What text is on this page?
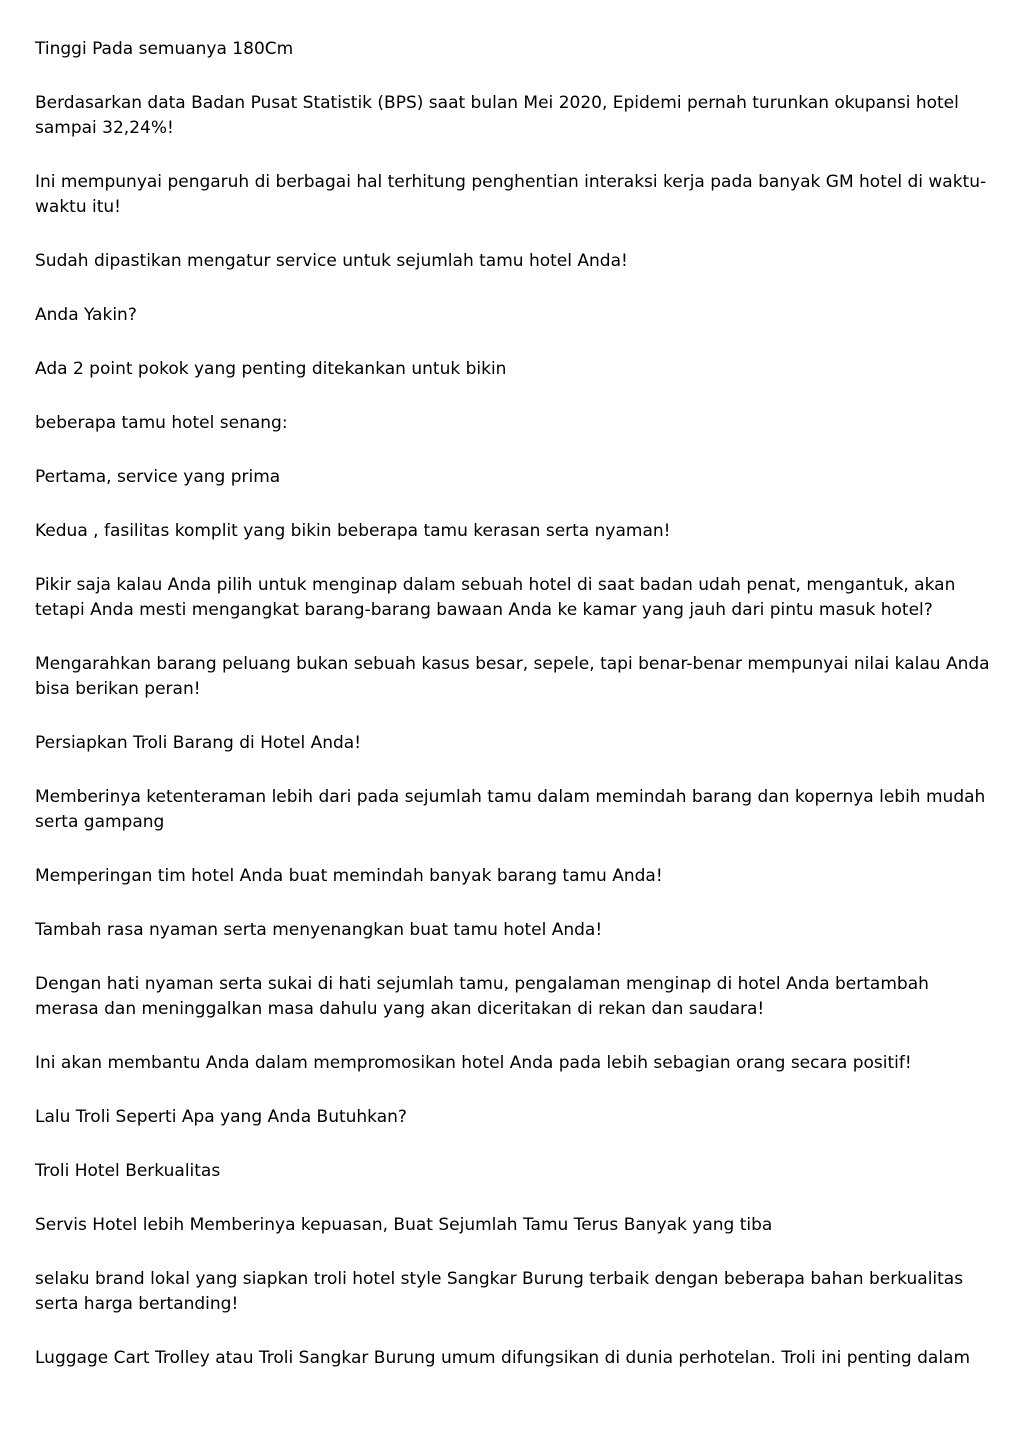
Tinggi Pada semuanya 180Cm

Berdasarkan data Badan Pusat Statistik (BPS) saat bulan Mei 2020, Epidemi pernah turunkan okupansi hotel sampai 32,24%!

Ini mempunyai pengaruh di berbagai hal terhitung penghentian interaksi kerja pada banyak GM hotel di waktu-waktu itu!

Sudah dipastikan mengatur service untuk sejumlah tamu hotel Anda!

Anda Yakin?

Ada 2 point pokok yang penting ditekankan untuk bikin

beberapa tamu hotel senang:

Pertama, service yang prima

Kedua , fasilitas komplit yang bikin beberapa tamu kerasan serta nyaman!

Pikir saja kalau Anda pilih untuk menginap dalam sebuah hotel di saat badan udah penat, mengantuk, akan tetapi Anda mesti mengangkat barang-barang bawaan Anda ke kamar yang jauh dari pintu masuk hotel?

Mengarahkan barang peluang bukan sebuah kasus besar, sepele, tapi benar-benar mempunyai nilai kalau Anda bisa berikan peran!

Persiapkan Troli Barang di Hotel Anda!

Memberinya ketenteraman lebih dari pada sejumlah tamu dalam memindah barang dan kopernya lebih mudah serta gampang

Memperingan tim hotel Anda buat memindah banyak barang tamu Anda!

Tambah rasa nyaman serta menyenangkan buat tamu hotel Anda!

Dengan hati nyaman serta sukai di hati sejumlah tamu, pengalaman menginap di hotel Anda bertambah merasa dan meninggalkan masa dahulu yang akan diceritakan di rekan dan saudara!

Ini akan membantu Anda dalam mempromosikan hotel Anda pada lebih sebagian orang secara positif!

Lalu Troli Seperti Apa yang Anda Butuhkan?

Troli Hotel Berkualitas

Servis Hotel lebih Memberinya kepuasan, Buat Sejumlah Tamu Terus Banyak yang tiba

selaku brand lokal yang siapkan troli hotel style Sangkar Burung terbaik dengan beberapa bahan berkualitas serta harga bertanding!

Luggage Cart Trolley atau Troli Sangkar Burung umum difungsikan di dunia perhotelan. Troli ini penting dalam
